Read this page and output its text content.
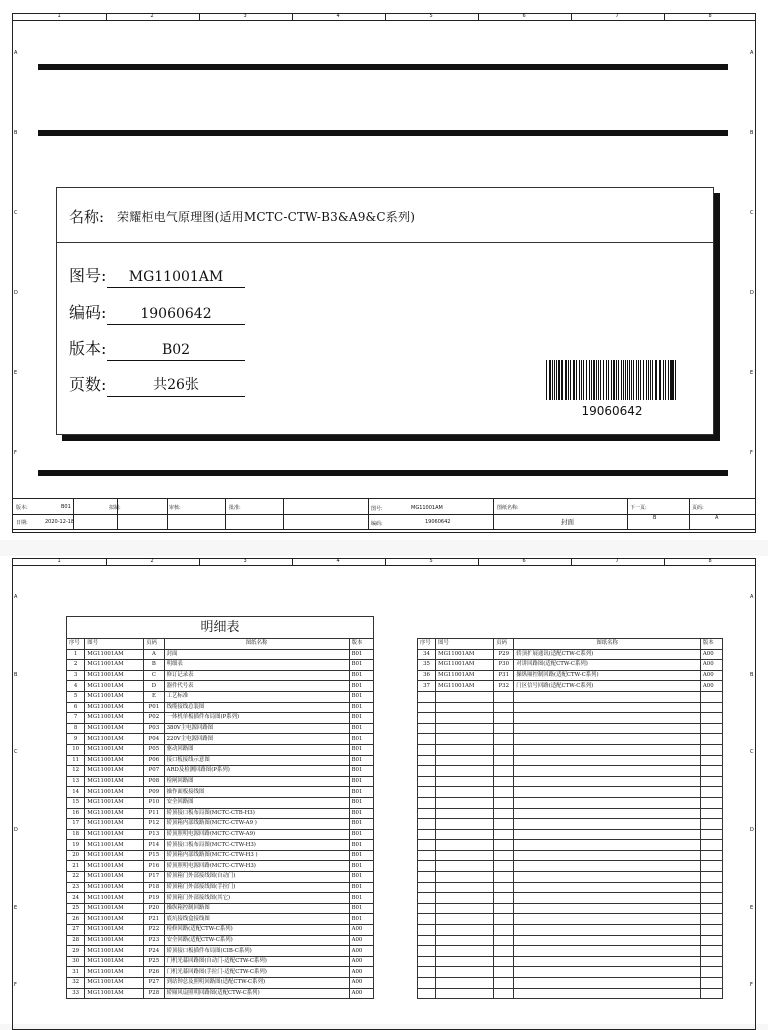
1	2	3	4	5	6	7	8
A
B
C
D
E
F
A
B
C
D
E
F
名称: 荣耀柜电气原理图(适用MCTC-CTW-B3&A9&C系列)
图号:	MG11001AM
编码:	19060642
版本:	B02
页数:	共26张
19060642
版本:	B01
日期:	2020-12-18
拟制:	审核:	批准:	图号:	MG11001AM
编码:	19060642
图纸名称:
封面
下一页:
B
页码:
A
1	2	3	4	5	6	7	8
A
B
C
D
E
F
A
B
C
D
E
F
明细表
序号	图号	页码	图纸名称	版本
1	MG11001AM	A	封面	B01
2	MG11001AM	B	明细表	B01
3	MG11001AM	C	修订记录表	B01
4	MG11001AM	D	器件代号表	B01
5	MG11001AM	E	工艺标准	B01
6	MG11001AM	P01	线缆接线总装图	B01
7	MG11001AM	P02	一体机单板插件布局图(P系列)	B01
8	MG11001AM	P03	380V主电源回路图	B01
9	MG11001AM	P04	220V主电源回路图	B01
10	MG11001AM	P05	驱动回路图	B01
11	MG11001AM	P06	接口板接线示意图	B01
12	MG11001AM	P07	ARD及检测回路图(P系列)	B01
13	MG11001AM	P08	检闸回路图	B01
14	MG11001AM	P09	操作面板接线图	B01
15	MG11001AM	P10	安全回路图	B01
16	MG11001AM	P11	轿顶接口板布局图(MCTC-CTB-H3)	B01
17	MG11001AM	P12	轿顶箱内部线路图(MCTC-CTW-A9 )	B01
18	MG11001AM	P13	轿顶照明电源回路(MCTC-CTW-A9)	B01
19	MG11001AM	P14	轿顶接口板布局图(MCTC-CTW-H3)	B01
20	MG11001AM	P15	轿顶箱内部线路图(MCTC-CTW-H3 )	B01
21	MG11001AM	P16	轿顶照明电源回路(MCTC-CTW-H3)	B01
22	MG11001AM	P17	轿顶箱门外部接线图(自动门)	B01
23	MG11001AM	P18	轿顶箱门外部接线图(手拉门)	B01
24	MG11001AM	P19	轿顶箱门外部接线图(其它)	B01
25	MG11001AM	P20	操纵箱控制回路图	B01
26	MG11001AM	P21	底坑接线盒接线图	B01
27	MG11001AM	P22	检修回路(适配CTW-C系列)	A00
28	MG11001AM	P23	安全回路(适配CTW-C系列)	A00
29	MG11001AM	P24	轿顶接口板插件布局图(CIB-C系列)	A00
30	MG11001AM	P25	门机光幕回路图(自动门-适配CTW-C系列)	A00
31	MG11001AM	P26	门机光幕回路图(手拉门-适配CTW-C系列)	A00
32	MG11001AM	P27	到站钟总及照明回路图(适配CTW-C系列)	A00
33	MG11001AM	P28	轿厢风扇照明回路图(适配CTW-C系列)	A00
序号	图号	页码	图纸名称	版本
34	MG11001AM	P29	轿顶扩展通讯(适配CTW-C系列)	A00
35	MG11001AM	P30	对讲回路图(适配CTW-C系列)	A00
36	MG11001AM	P31	操纵厢控制回路(适配CTW-C系列)	A00
37	MG11001AM	P32	门区信号回路(适配CTW-C系列)	A00
